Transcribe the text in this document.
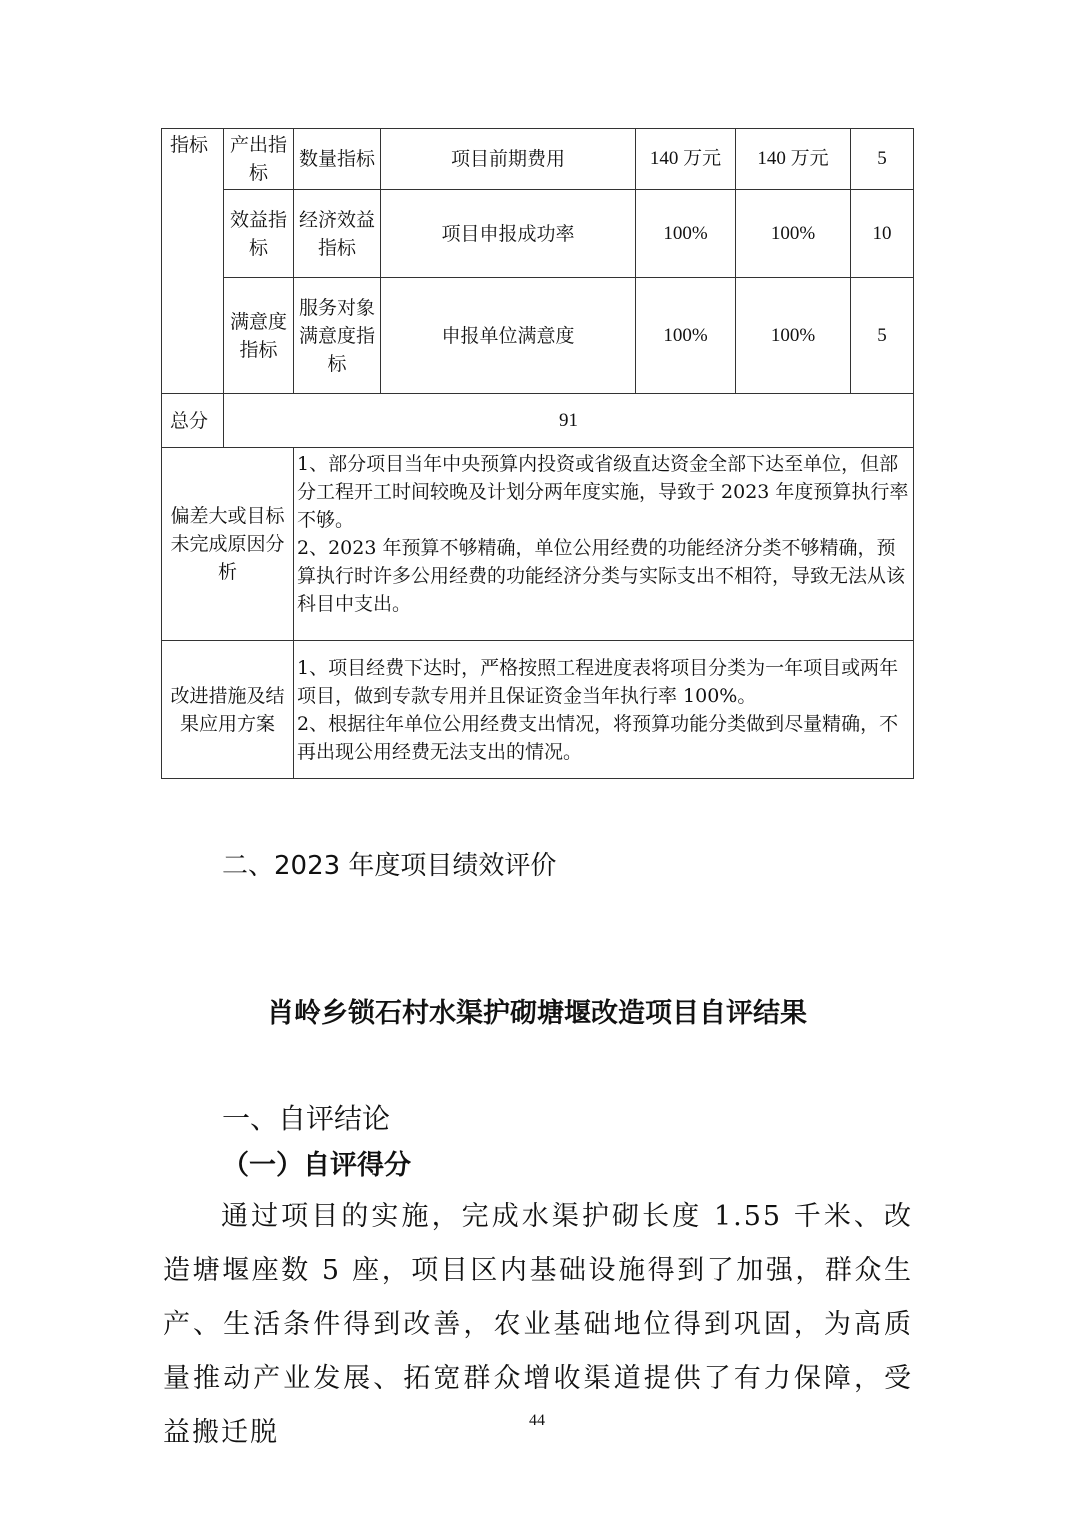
指标	产出指标	数量指标	项目前期费用	140 万元	140 万元	5
	效益指标	经济效益指标	项目申报成功率	100%	100%	10
	满意度指标	服务对象满意度指标	申报单位满意度	100%	100%	5
总分	91					
偏差大或目标未完成原因分析		1、部分项目当年中央预算内投资或省级直达资金全部下达至单位，但部分工程开工时间较晚及计划分两年度实施，导致于 2023 年度预算执行率不够。
2、2023 年预算不够精确，单位公用经费的功能经济分类不够精确，预算执行时许多公用经费的功能经济分类与实际支出不相符，导致无法从该科目中支出。				

改进措施及结果应用方案		1、项目经费下达时，严格按照工程进度表将项目分类为一年项目或两年项目，做到专款专用并且保证资金当年执行率 100%。
2、根据往年单位公用经费支出情况，将预算功能分类做到尽量精确，不再出现公用经费无法支出的情况。				
二、2023 年度项目绩效评价
肖岭乡锁石村水渠护砌塘堰改造项目自评结果
一、自评结论
（一）自评得分
通过项目的实施，完成水渠护砌长度 1.55 千米、改造塘堰座数 5 座，项目区内基础设施得到了加强，群众生产、生活条件得到改善，农业基础地位得到巩固，为高质量推动产业发展、拓宽群众增收渠道提供了有力保障，受益搬迁脱	44
